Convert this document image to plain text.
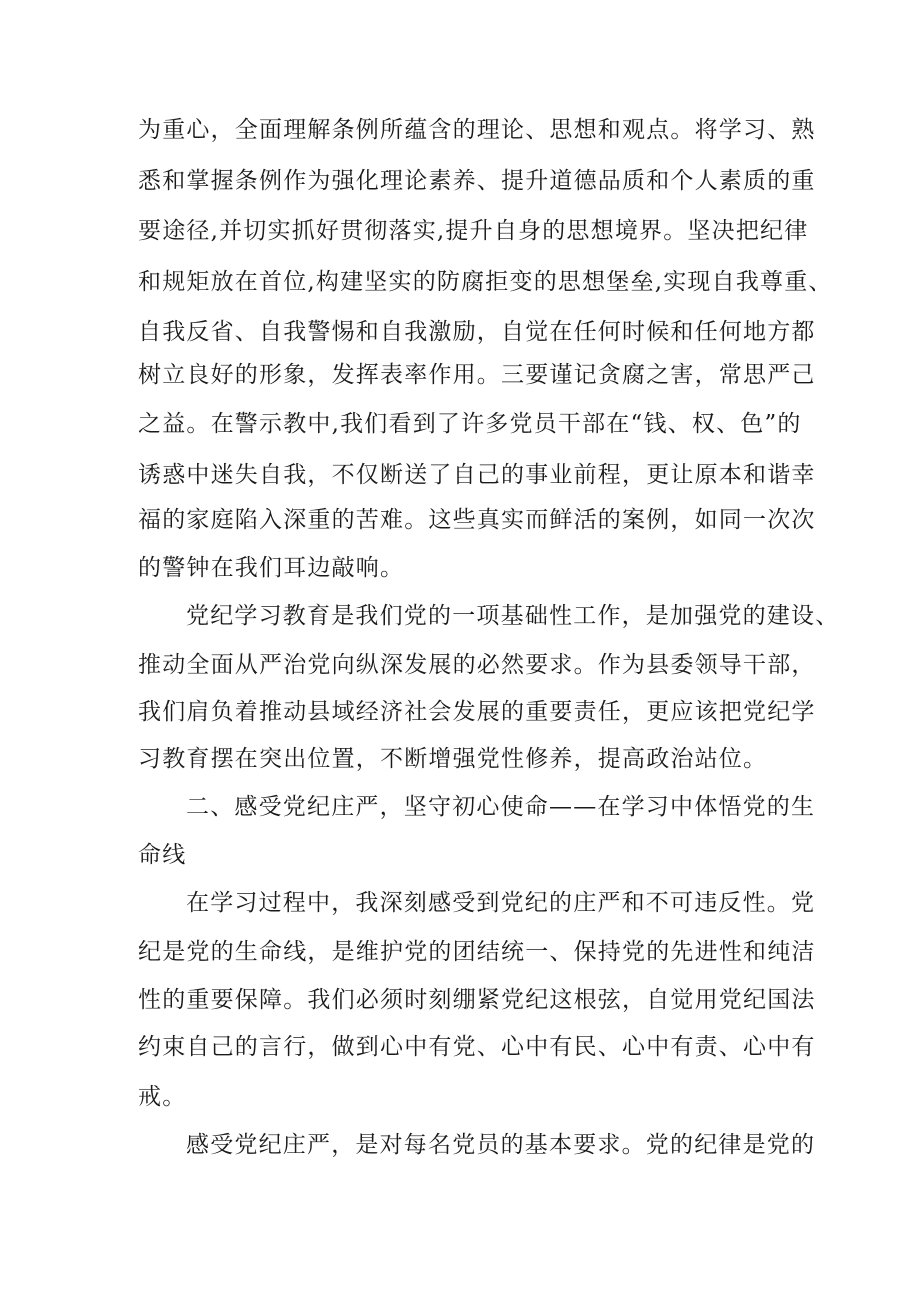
为重心，全面理解条例所蕴含的理论、思想和观点。将学习、熟
悉和掌握条例作为强化理论素养、提升道德品质和个人素质的重
要途径,并切实抓好贯彻落实,提升自身的思想境界。坚决把纪律
和规矩放在首位,构建坚实的防腐拒变的思想堡垒,实现自我尊重、
自我反省、自我警惕和自我激励，自觉在任何时候和任何地方都
树立良好的形象，发挥表率作用。三要谨记贪腐之害，常思严己
之益。在警示教中,我们看到了许多党员干部在“钱、权、色”的
诱惑中迷失自我，不仅断送了自己的事业前程，更让原本和谐幸
福的家庭陷入深重的苦难。这些真实而鲜活的案例，如同一次次
的警钟在我们耳边敲响。
党纪学习教育是我们党的一项基础性工作，是加强党的建设、
推动全面从严治党向纵深发展的必然要求。作为县委领导干部，
我们肩负着推动县域经济社会发展的重要责任，更应该把党纪学
习教育摆在突出位置，不断增强党性修养，提高政治站位。
二、感受党纪庄严，坚守初心使命——在学习中体悟党的生
命线
在学习过程中，我深刻感受到党纪的庄严和不可违反性。党
纪是党的生命线，是维护党的团结统一、保持党的先进性和纯洁
性的重要保障。我们必须时刻绷紧党纪这根弦，自觉用党纪国法
约束自己的言行，做到心中有党、心中有民、心中有责、心中有
戒。
感受党纪庄严，是对每名党员的基本要求。党的纪律是党的
